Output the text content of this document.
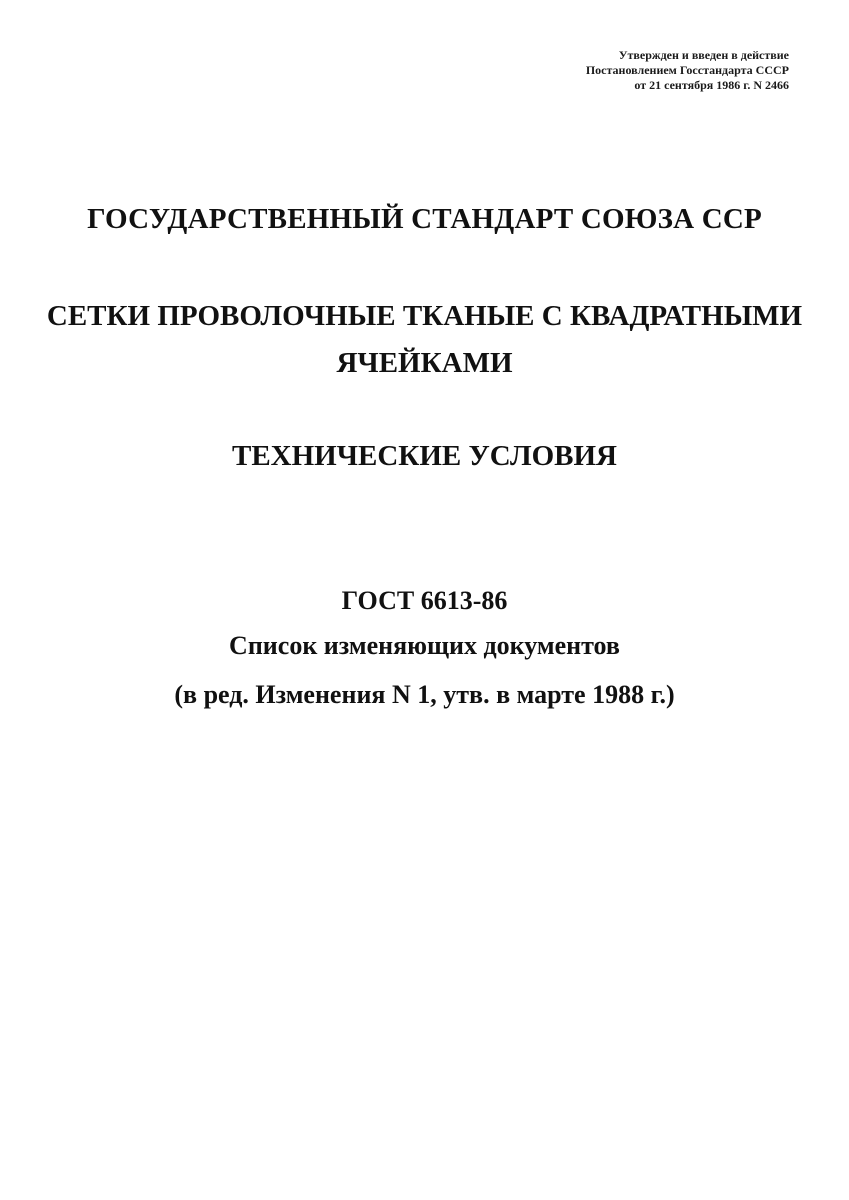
Утвержден и введен в действие
Постановлением Госстандарта СССР
от 21 сентября 1986 г. N 2466
ГОСУДАРСТВЕННЫЙ СТАНДАРТ СОЮЗА ССР
СЕТКИ ПРОВОЛОЧНЫЕ ТКАНЫЕ С КВАДРАТНЫМИ
ЯЧЕЙКАМИ
ТЕХНИЧЕСКИЕ УСЛОВИЯ
ГОСТ 6613-86
Список изменяющих документов
(в ред. Изменения N 1, утв. в марте 1988 г.)
